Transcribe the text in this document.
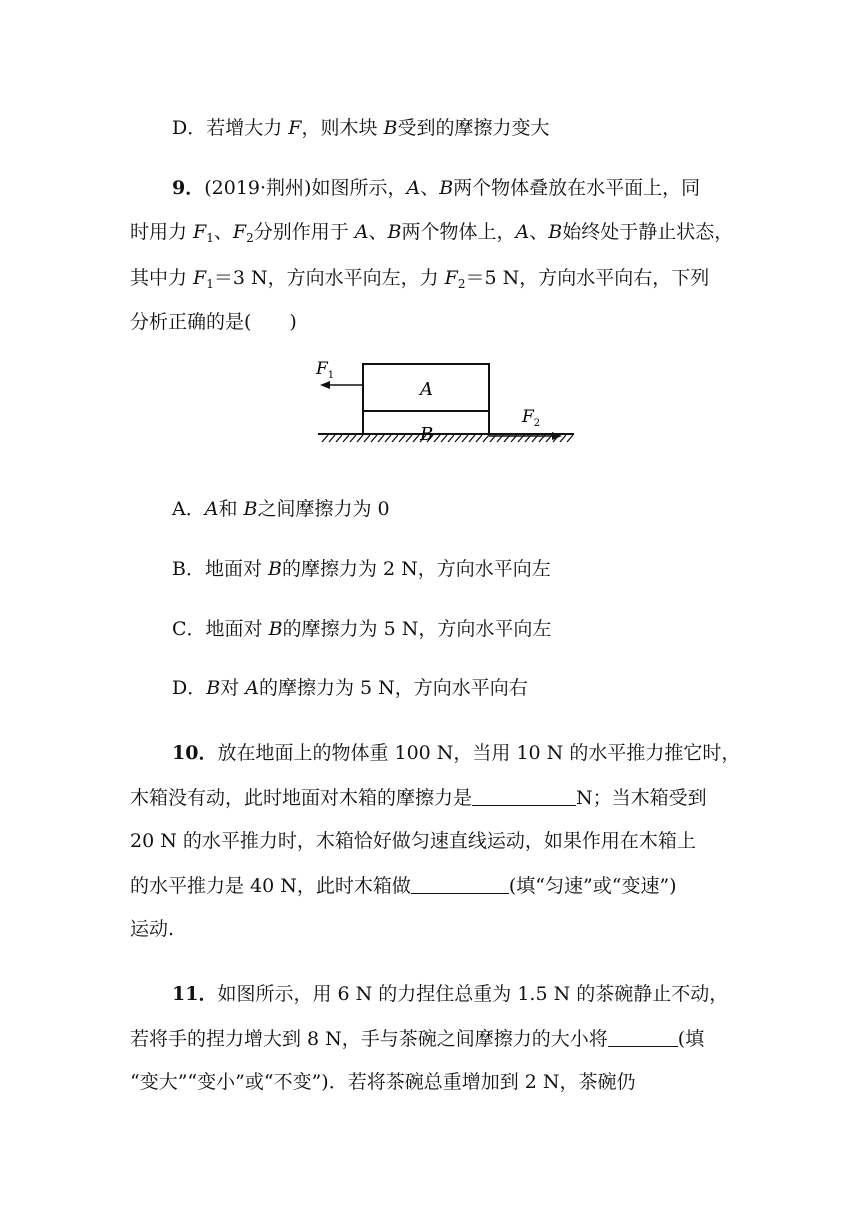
D．若增大力 F，则木块 B受到的摩擦力变大
9．(2019·荆州)如图所示，A、B两个物体叠放在水平面上，同
时用力 $F_1$、$F_2$分别作用于 A、B两个物体上，A、B始终处于静止状态，
其中力 $F_1=3$ N，方向水平向左，力 $F_2=5$ N，方向水平向右，下列
分析正确的是(　　)
A
B
$F_1$
$F_2$
A．A和 B之间摩擦力为 0
B．地面对 B的摩擦力为 2 N，方向水平向左
C．地面对 B的摩擦力为 5 N，方向水平向左
D．B对 A的摩擦力为 5 N，方向水平向右
10．放在地面上的物体重 100 N，当用 10 N 的水平推力推它时，
木箱没有动，此时地面对木箱的摩擦力是	N；当木箱受到
20 N 的水平推力时，木箱恰好做匀速直线运动，如果作用在木箱上
的水平推力是 40 N，此时木箱做	(填“匀速”或“变速”)
运动.
11．如图所示，用 6 N 的力捏住总重为 1.5 N 的茶碗静止不动，
若将手的捏力增大到 8 N，手与茶碗之间摩擦力的大小将	(填
“变大”“变小”或“不变”)．若将茶碗总重增加到 2 N，茶碗仍
